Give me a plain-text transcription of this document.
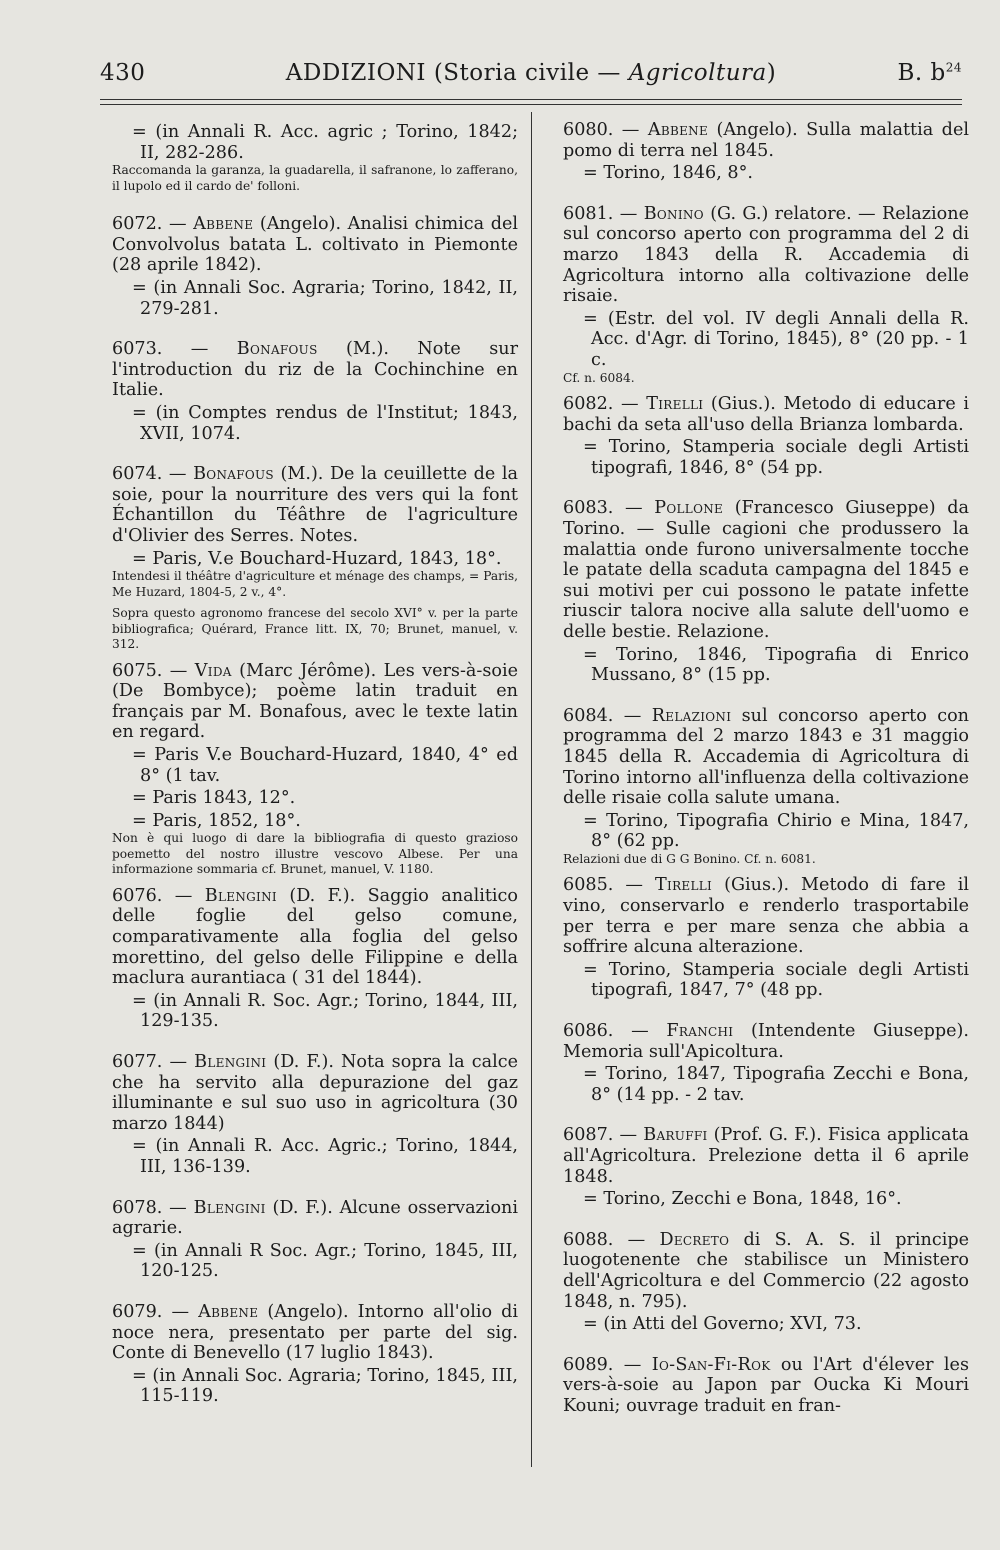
430	ADDIZIONI (Storia civile — Agricoltura)	B. $b^{24}$

= (in Annali R. Acc. agric ; Torino, 1842; II, 282-286.

Raccomanda la garanza, la guadarella, il safranone, lo zafferano, il lupolo ed il cardo de' folloni.

6072. — Abbene (Angelo). Analisi chimica del Convolvolus batata L. coltivato in Piemonte (28 aprile 1842).

= (in Annali Soc. Agraria; Torino, 1842, II, 279-281.

6073. — Bonafous (M.). Note sur l'introduction du riz de la Cochinchine en Italie.

= (in Comptes rendus de l'Institut; 1843, XVII, 1074.

6074. — Bonafous (M.). De la ceuillette de la soie, pour la nourriture des vers qui la font Échantillon du Téâthre de l'agriculture d'Olivier des Serres. Notes.

= Paris, V.e Bouchard-Huzard, 1843, 18°.

Intendesi il théâtre d'agriculture et ménage des champs, = Paris, Me Huzard, 1804-5, 2 v., 4°.

Sopra questo agronomo francese del secolo XVI° v. per la parte bibliografica; Quérard, France litt. IX, 70; Brunet, manuel, v. 312.

6075. — Vida (Marc Jérôme). Les vers-à-soie (De Bombyce); poème latin traduit en français par M. Bonafous, avec le texte latin en regard.

= Paris V.e Bouchard-Huzard, 1840, 4° ed 8° (1 tav.

= Paris 1843, 12°.

= Paris, 1852, 18°.

Non è qui luogo di dare la bibliografia di questo grazioso poemetto del nostro illustre vescovo Albese. Per una informazione sommaria cf. Brunet, manuel, V. 1180.

6076. — Blengini (D. F.). Saggio analitico delle foglie del gelso comune, comparativamente alla foglia del gelso morettino, del gelso delle Filippine e della maclura aurantiaca ( 31 del 1844).

= (in Annali R. Soc. Agr.; Torino, 1844, III, 129-135.

6077. — Blengini (D. F.). Nota sopra la calce che ha servito alla depurazione del gaz illuminante e sul suo uso in agricoltura (30 marzo 1844)

= (in Annali R. Acc. Agric.; Torino, 1844, III, 136-139.

6078. — Blengini (D. F.). Alcune osservazioni agrarie.

= (in Annali R Soc. Agr.; Torino, 1845, III, 120-125.

6079. — Abbene (Angelo). Intorno all'olio di noce nera, presentato per parte del sig. Conte di Benevello (17 luglio 1843).

= (in Annali Soc. Agraria; Torino, 1845, III, 115-119.

6080. — Abbene (Angelo). Sulla malattia del pomo di terra nel 1845.

= Torino, 1846, 8°.

6081. — Bonino (G. G.) relatore. — Relazione sul concorso aperto con programma del 2 di marzo 1843 della R. Accademia di Agricoltura intorno alla coltivazione delle risaie.

= (Estr. del vol. IV degli Annali della R. Acc. d'Agr. di Torino, 1845), 8° (20 pp. - 1 c.

Cf. n. 6084.

6082. — Tirelli (Gius.). Metodo di educare i bachi da seta all'uso della Brianza lombarda.

= Torino, Stamperia sociale degli Artisti tipografi, 1846, 8° (54 pp.

6083. — Pollone (Francesco Giuseppe) da Torino. — Sulle cagioni che produssero la malattia onde furono universalmente tocche le patate della scaduta campagna del 1845 e sui motivi per cui possono le patate infette riuscir talora nocive alla salute dell'uomo e delle bestie. Relazione.

= Torino, 1846, Tipografia di Enrico Mussano, 8° (15 pp.

6084. — Relazioni sul concorso aperto con programma del 2 marzo 1843 e 31 maggio 1845 della R. Accademia di Agricoltura di Torino intorno all'influenza della coltivazione delle risaie colla salute umana.

= Torino, Tipografia Chirio e Mina, 1847, 8° (62 pp.

Relazioni due di G G Bonino. Cf. n. 6081.

6085. — Tirelli (Gius.). Metodo di fare il vino, conservarlo e renderlo trasportabile per terra e per mare senza che abbia a soffrire alcuna alterazione.

= Torino, Stamperia sociale degli Artisti tipografi, 1847, 7° (48 pp.

6086. — Franchi (Intendente Giuseppe). Memoria sull'Apicoltura.

= Torino, 1847, Tipografia Zecchi e Bona, 8° (14 pp. - 2 tav.

6087. — Baruffi (Prof. G. F.). Fisica applicata all'Agricoltura. Prelezione detta il 6 aprile 1848.

= Torino, Zecchi e Bona, 1848, 16°.

6088. — Decreto di S. A. S. il principe luogotenente che stabilisce un Ministero dell'Agricoltura e del Commercio (22 agosto 1848, n. 795).

= (in Atti del Governo; XVI, 73.

6089. — Io-San-Fi-Rok ou l'Art d'élever les vers-à-soie au Japon par Oucka Ki Mouri Kouni; ouvrage traduit en fran-
